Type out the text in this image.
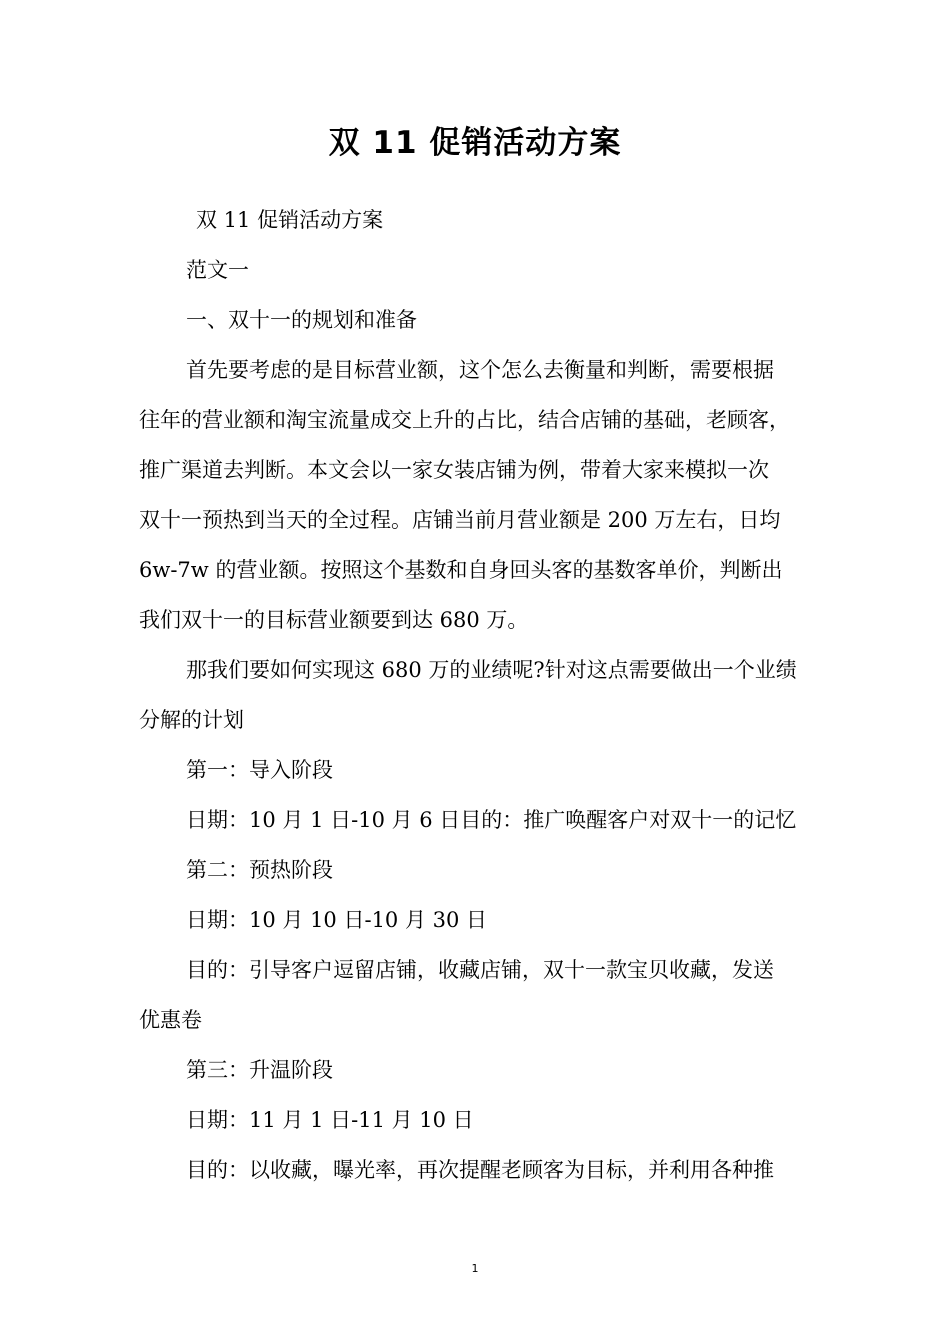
双 11 促销活动方案
双 11 促销活动方案
范文一
一、双十一的规划和准备
首先要考虑的是目标营业额，这个怎么去衡量和判断，需要根据
往年的营业额和淘宝流量成交上升的占比，结合店铺的基础，老顾客，
推广渠道去判断。本文会以一家女装店铺为例，带着大家来模拟一次
双十一预热到当天的全过程。店铺当前月营业额是 200 万左右，日均
6w-7w 的营业额。按照这个基数和自身回头客的基数客单价，判断出
我们双十一的目标营业额要到达 680 万。
那我们要如何实现这 680 万的业绩呢?针对这点需要做出一个业绩
分解的计划
第一：导入阶段
日期：10 月 1 日-10 月 6 日目的：推广唤醒客户对双十一的记忆
第二：预热阶段
日期：10 月 10 日-10 月 30 日
目的：引导客户逗留店铺，收藏店铺，双十一款宝贝收藏，发送
优惠卷
第三：升温阶段
日期：11 月 1 日-11 月 10 日
目的：以收藏，曝光率，再次提醒老顾客为目标，并利用各种推
1
